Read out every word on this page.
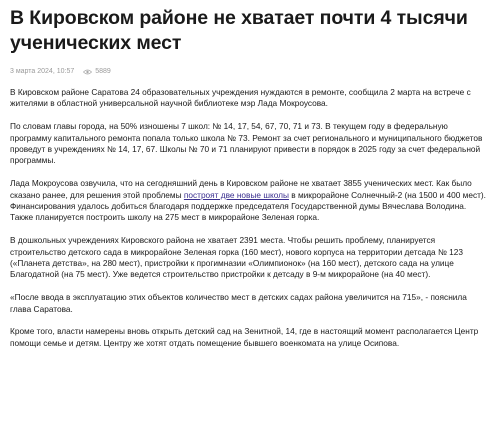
В Кировском районе не хватает почти 4 тысячи ученических мест
3 марта 2024, 10:57	5889

В Кировском районе Саратова 24 образовательных учреждения нуждаются в ремонте, сообщила 2 марта на встрече с жителями в областной универсальной научной библиотеке мэр Лада Мокроусова.

По словам главы города, на 50% изношены 7 школ: № 14, 17, 54, 67, 70, 71 и 73. В текущем году в федеральную программу капитального ремонта попала только школа № 73. Ремонт за счет регионального и муниципального бюджетов проведут в учреждениях № 14, 17, 67. Школы № 70 и 71 планируют привести в порядок в 2025 году за счет федеральной программы.

Лада Мокроусова озвучила, что на сегодняшний день в Кировском районе не хватает 3855 ученических мест. Как было сказано ранее, для решения этой проблемы построят две новые школы в микрорайоне Солнечный-2 (на 1500 и 400 мест). Финансирования удалось добиться благодаря поддержке председателя Государственной думы Вячеслава Володина. Также планируется построить школу на 275 мест в микрорайоне Зеленая горка.

В дошкольных учреждениях Кировского района не хватает 2391 места. Чтобы решить проблему, планируется строительство детского сада в микрорайоне Зеленая горка (160 мест), нового корпуса на территории детсада № 123 («Планета детства», на 280 мест), пристройки к прогимназии «Олимпионок» (на 160 мест), детского сада на улице Благодатной (на 75 мест). Уже ведется строительство пристройки к детсаду в 9-м микрорайоне (на 40 мест).

«После ввода в эксплуатацию этих объектов количество мест в детских садах района увеличится на 715», - пояснила глава Саратова.

Кроме того, власти намерены вновь открыть детский сад на Зенитной, 14, где в настоящий момент располагается Центр помощи семье и детям. Центру же хотят отдать помещение бывшего военкомата на улице Осипова.
